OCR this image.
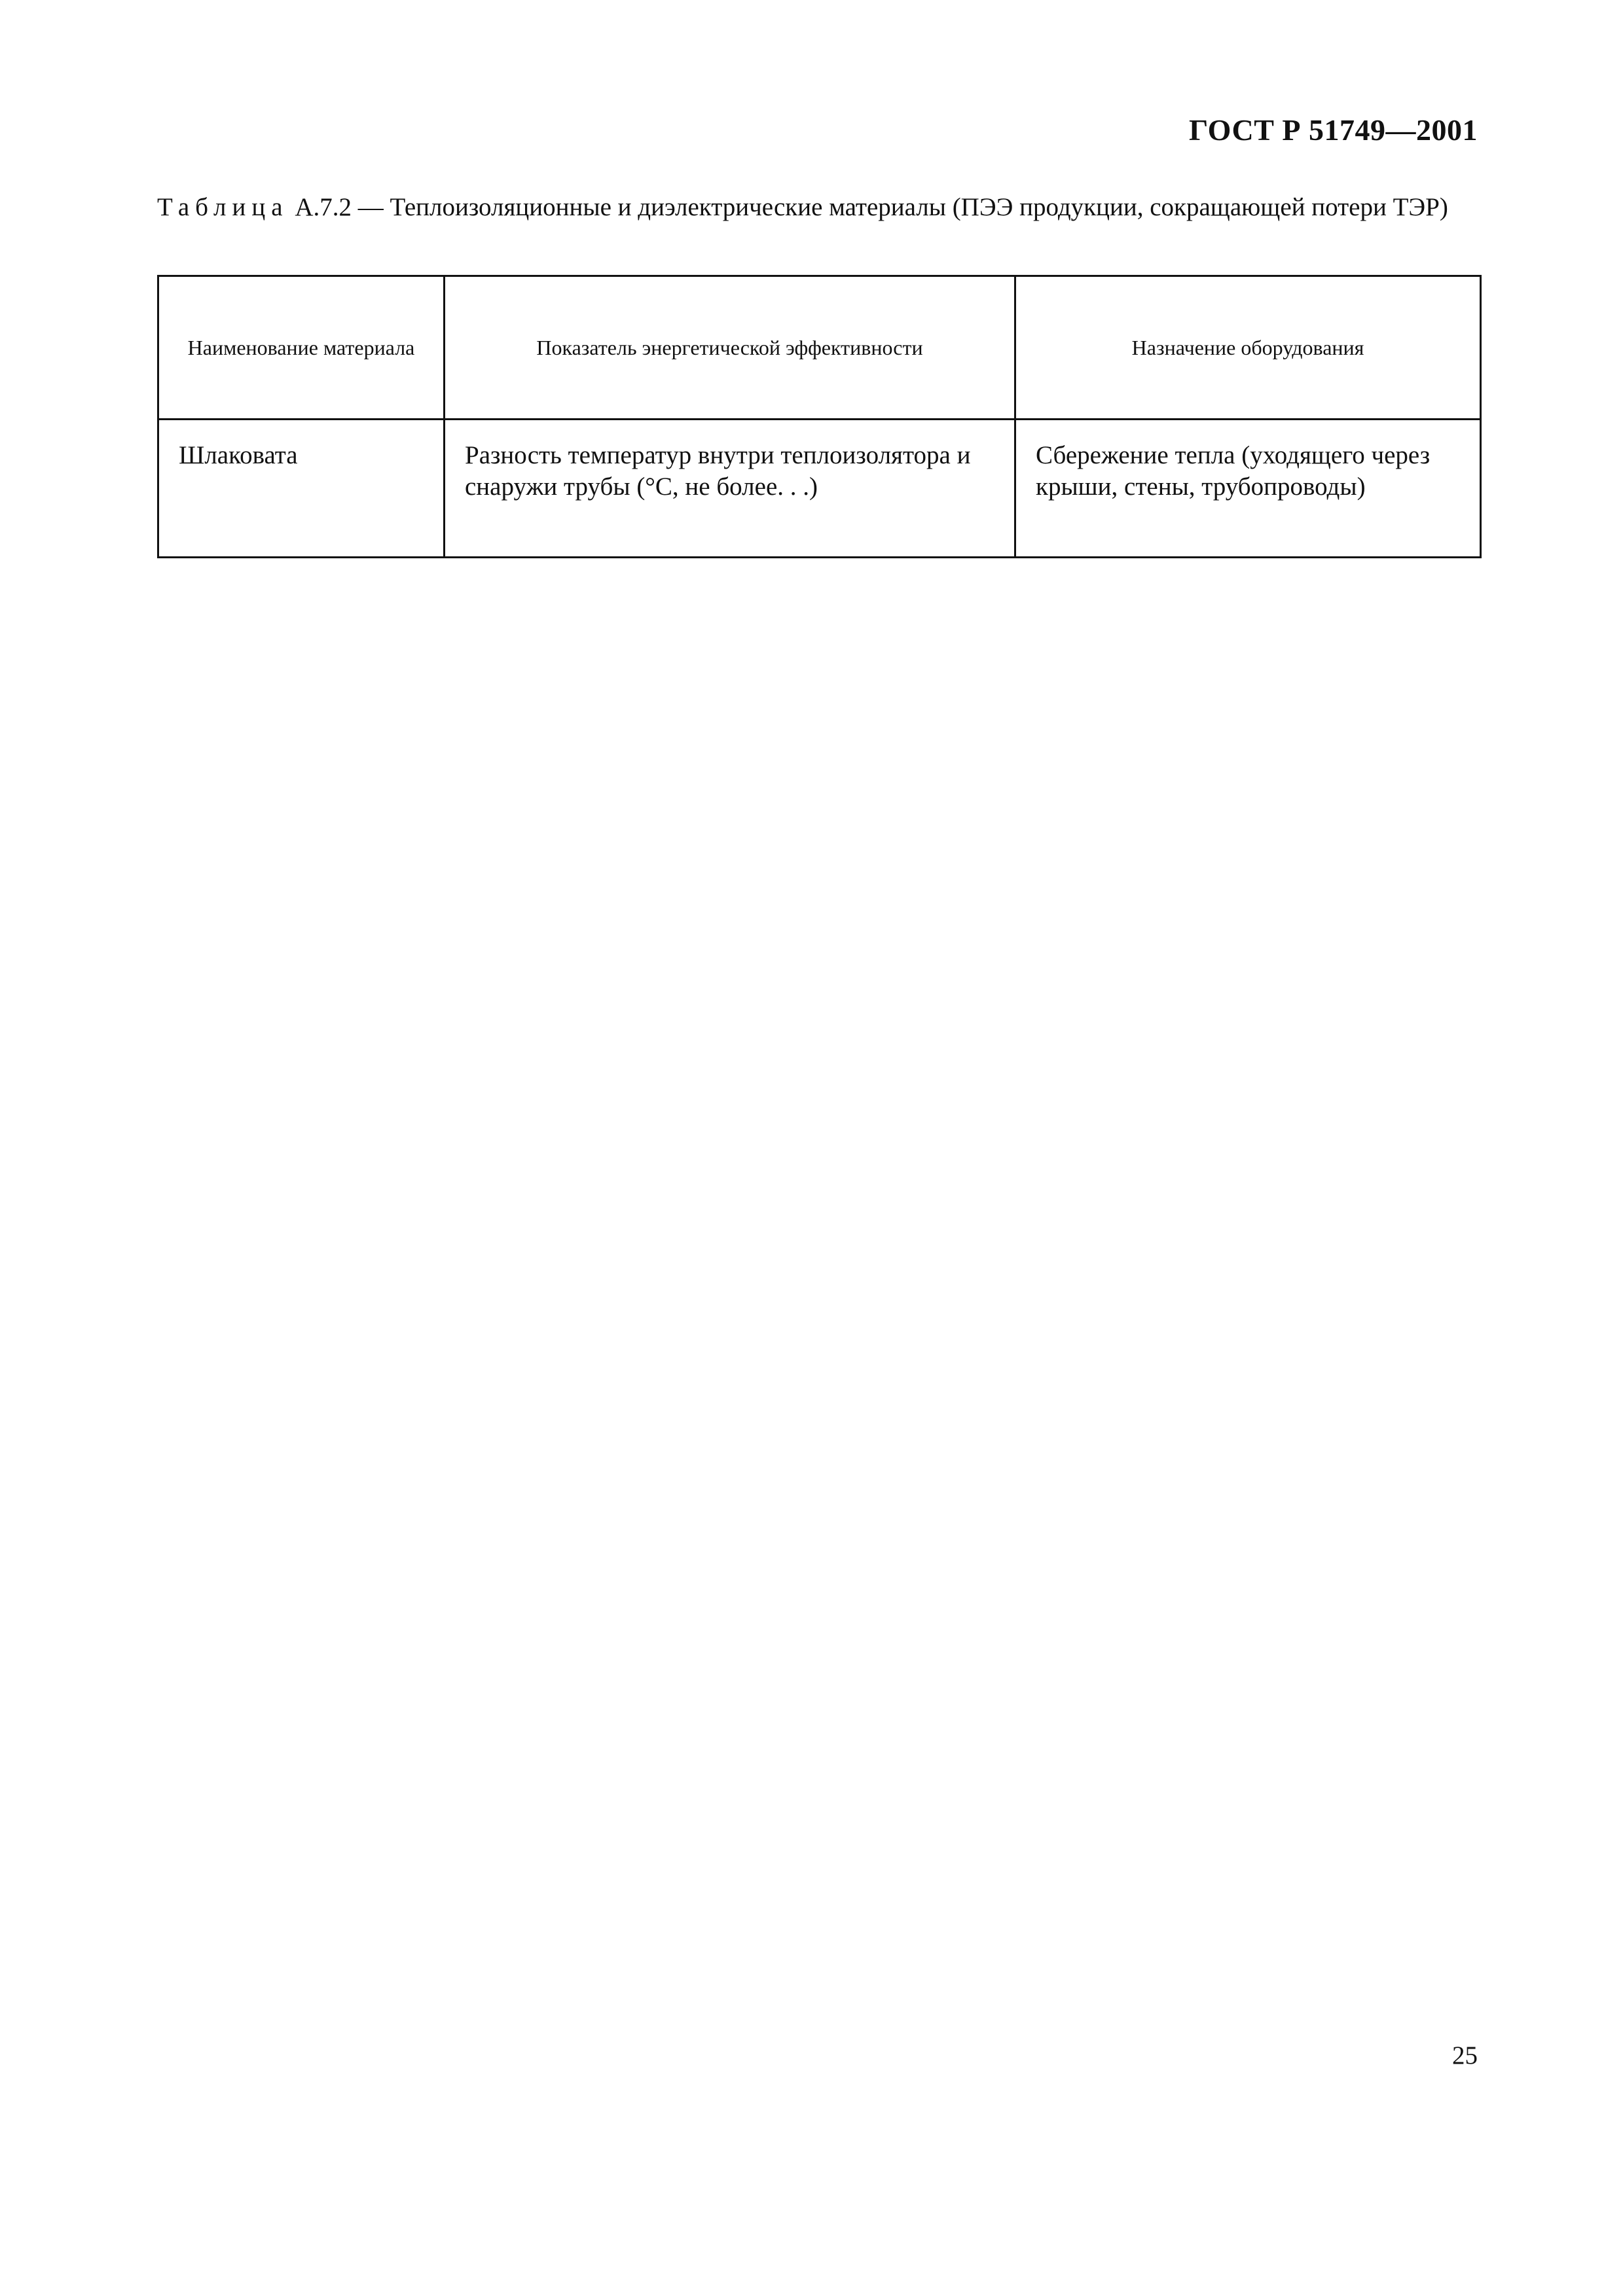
ГОСТ Р 51749—2001
Таблица А.7.2 — Теплоизоляционные и диэлектрические материалы (ПЭЭ продукции, сокращающей потери ТЭР)
Наименование материала	Показатель энергетической эффективности	Назначение оборудования
Шлаковата	Разность температур внутри теплоизолятора и снаружи трубы (°С, не более. . .)	Сбережение тепла (уходящего через крыши, стены, трубопроводы)
25
